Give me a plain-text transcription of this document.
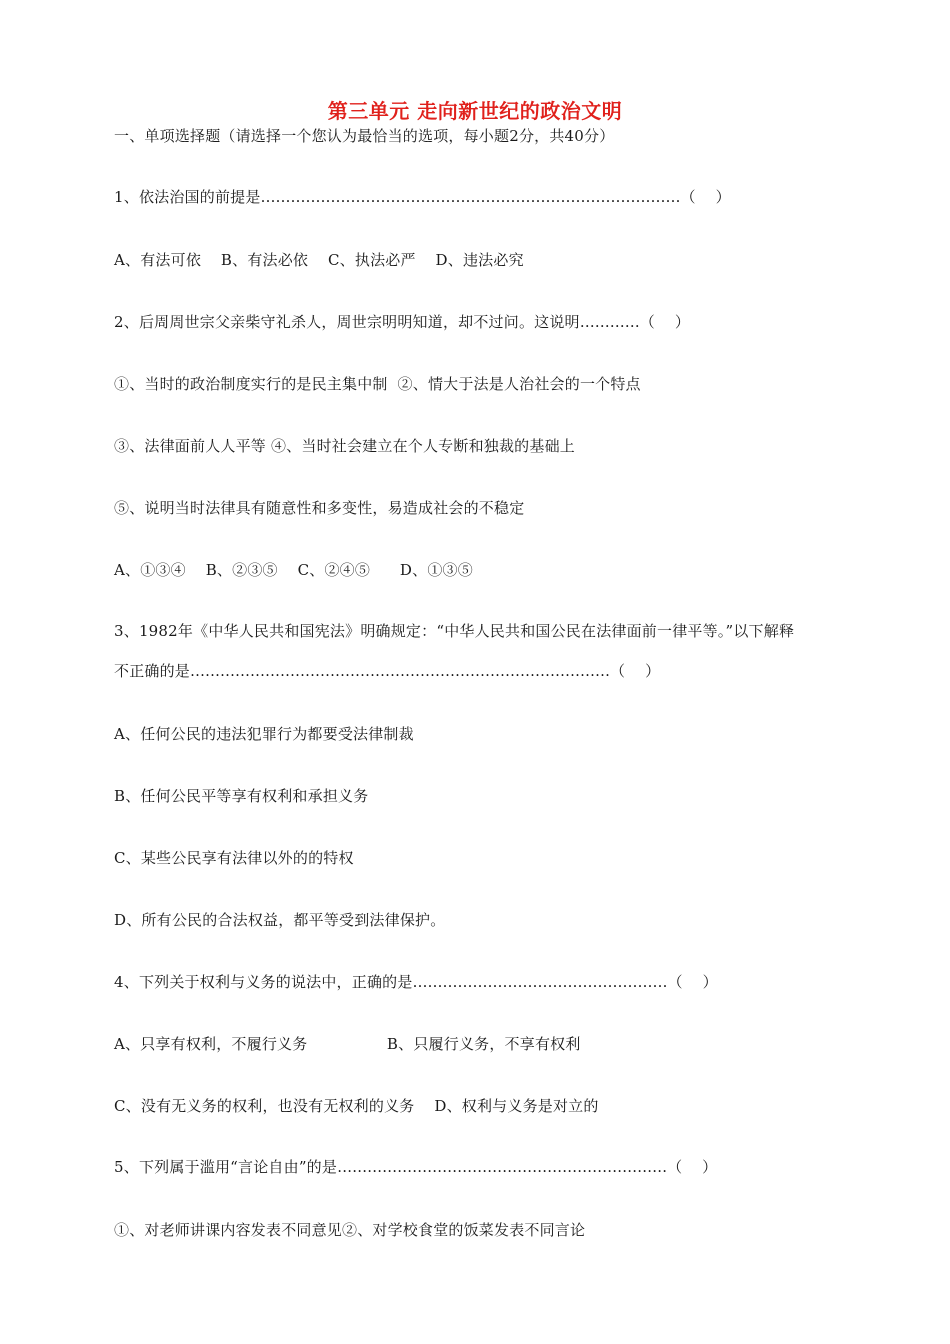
第三单元 走向新世纪的政治文明
一、单项选择题（请选择一个您认为最恰当的选项，每小题2分，共40分）
1、依法治国的前提是 ………………………………………………………………………… （    ）
A、有法可依    B、有法必依    C、执法必严    D、违法必究
2、后周周世宗父亲柴守礼杀人，周世宗明明知道，却不过问。这说明 ………… （    ）
①、当时的政治制度实行的是民主集中制  ②、情大于法是人治社会的一个特点
③、法律面前人人平等 ④、当时社会建立在个人专断和独裁的基础上
⑤、说明当时法律具有随意性和多变性，易造成社会的不稳定
A、①③④    B、②③⑤    C、②④⑤      D、①③⑤
3、1982年《中华人民共和国宪法》明确规定：“中华人民共和国公民在法律面前一律平等。”以下解释
不正确的是 ………………………………………………………………………… （    ）
A、任何公民的违法犯罪行为都要受法律制裁
B、任何公民平等享有权利和承担义务
C、某些公民享有法律以外的的特权
D、所有公民的合法权益，都平等受到法律保护。
4、下列关于权利与义务的说法中，正确的是 …………………………………………… （    ）
A、只享有权利，不履行义务                B、只履行义务，不享有权利
C、没有无义务的权利，也没有无权利的义务    D、权利与义务是对立的
5、下列属于滥用“言论自由”的是 ………………………………………………………… （    ）
①、对老师讲课内容发表不同意见②、对学校食堂的饭菜发表不同言论
